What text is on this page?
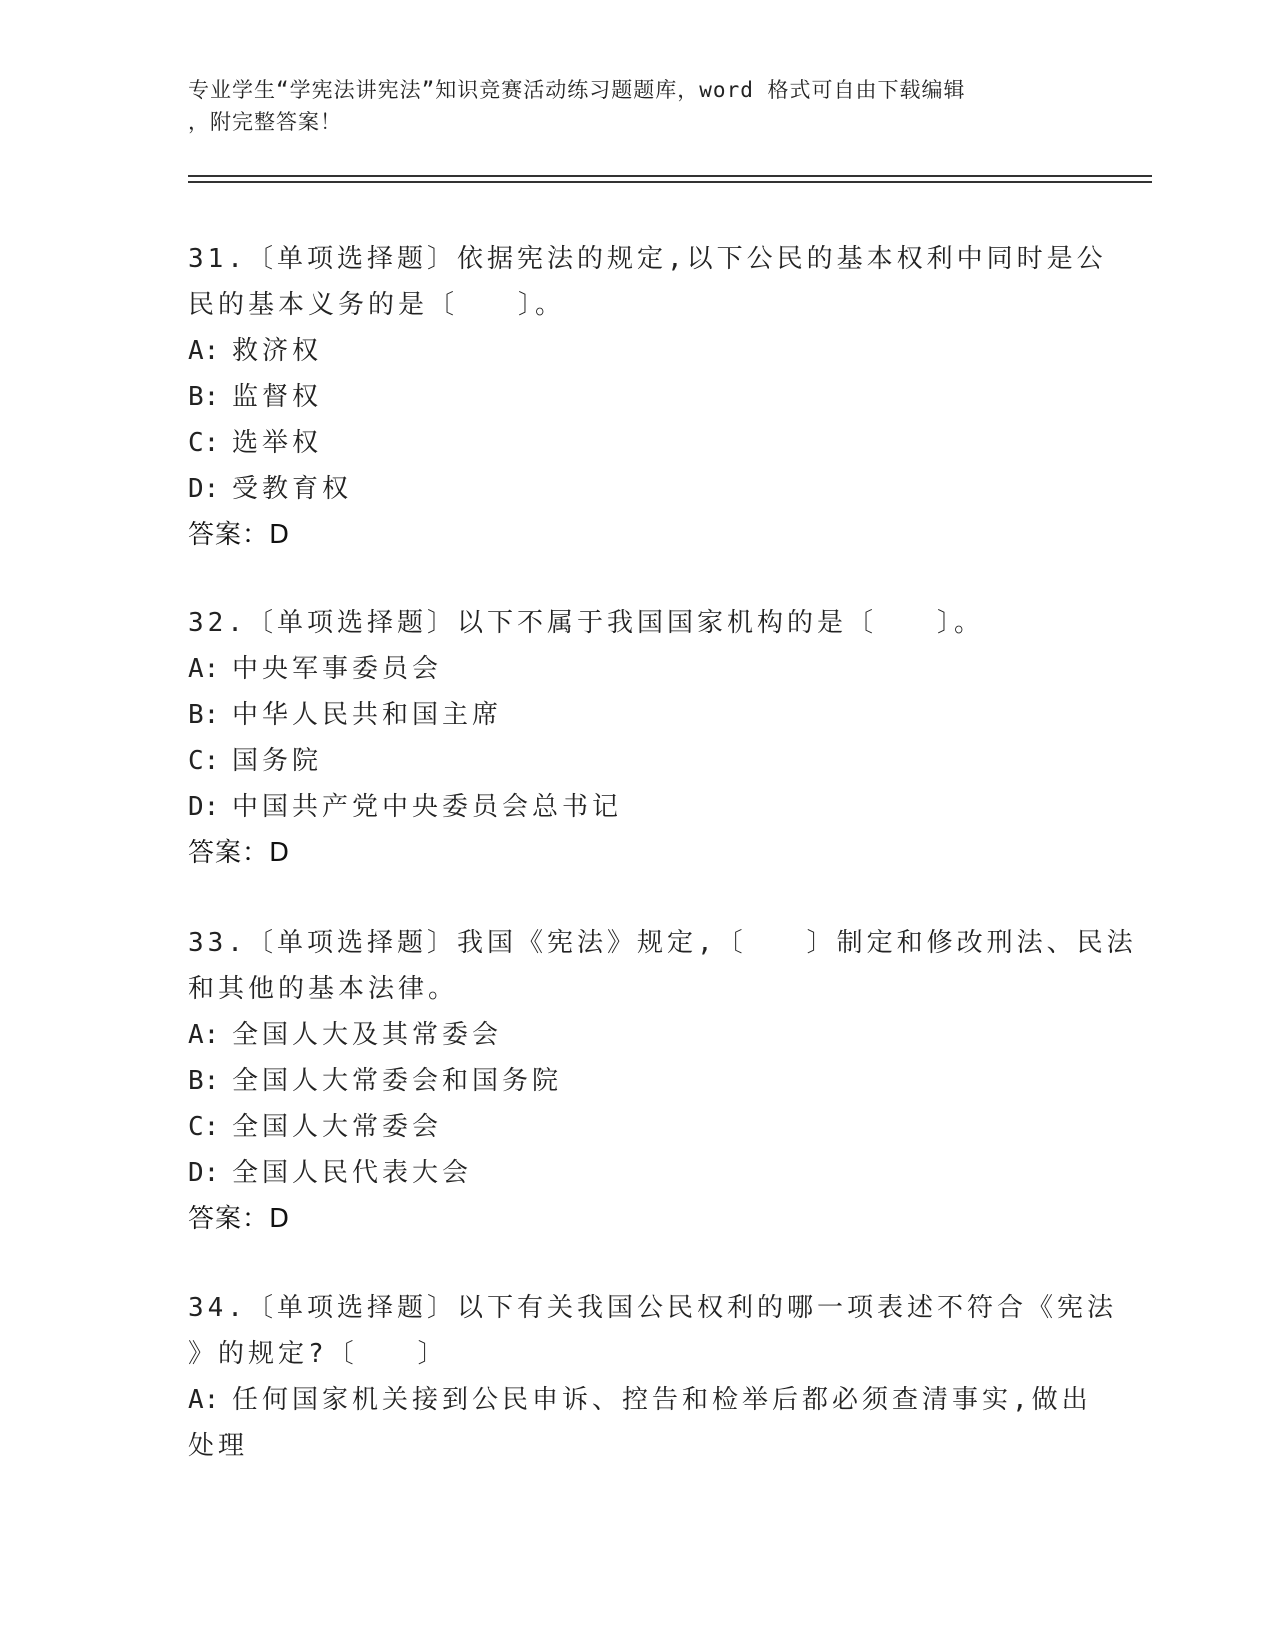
专业学生“学宪法讲宪法”知识竞赛活动练习题题库，word 格式可自由下载编辑
，附完整答案！
31.〔单项选择题〕依据宪法的规定,以下公民的基本权利中同时是公
民的基本义务的是〔　　〕。
A: 救济权
B: 监督权
C: 选举权
D: 受教育权
答案：D
32.〔单项选择题〕以下不属于我国国家机构的是〔　　〕。
A: 中央军事委员会
B: 中华人民共和国主席
C: 国务院
D: 中国共产党中央委员会总书记
答案：D
33.〔单项选择题〕我国《宪法》规定,〔　　〕制定和修改刑法、民法
和其他的基本法律。
A: 全国人大及其常委会
B: 全国人大常委会和国务院
C: 全国人大常委会
D: 全国人民代表大会
答案：D
34.〔单项选择题〕以下有关我国公民权利的哪一项表述不符合《宪法
》的规定?〔　　〕
A: 任何国家机关接到公民申诉、控告和检举后都必须查清事实,做出
处理
